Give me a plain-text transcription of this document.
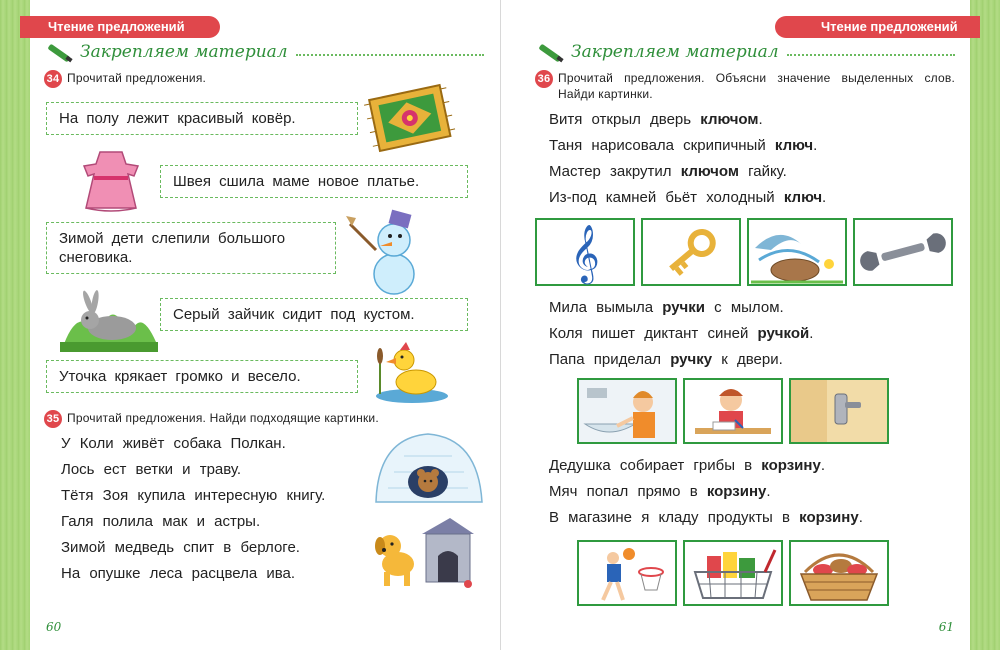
Чтение предложений
Закрепляем материал
34 Прочитай предложения.
На полу лежит красивый ковёр.
Швея сшила маме новое платье.
Зимой дети слепили большого снеговика.
Серый зайчик сидит под кустом.
Уточка крякает громко и весело.
35 Прочитай предложения. Найди подходящие картинки.
У Коли живёт собака Полкан.
Лось ест ветки и траву.
Тётя Зоя купила интересную книгу.
Галя полила мак и астры.
Зимой медведь спит в берлоге.
На опушке леса расцвела ива.
60
Чтение предложений
Закрепляем материал
36 Прочитай предложения. Объясни значение выделенных слов. Найди картинки.
Витя открыл дверь ключом.
Таня нарисовала скрипичный ключ.
Мастер закрутил ключом гайку.
Из-под камней бьёт холодный ключ.
𝄞
Мила вымыла ручки с мылом.
Коля пишет диктант синей ручкой.
Папа приделал ручку к двери.
Дедушка собирает грибы в корзину.
Мяч попал прямо в корзину.
В магазине я кладу продукты в корзину.
61
